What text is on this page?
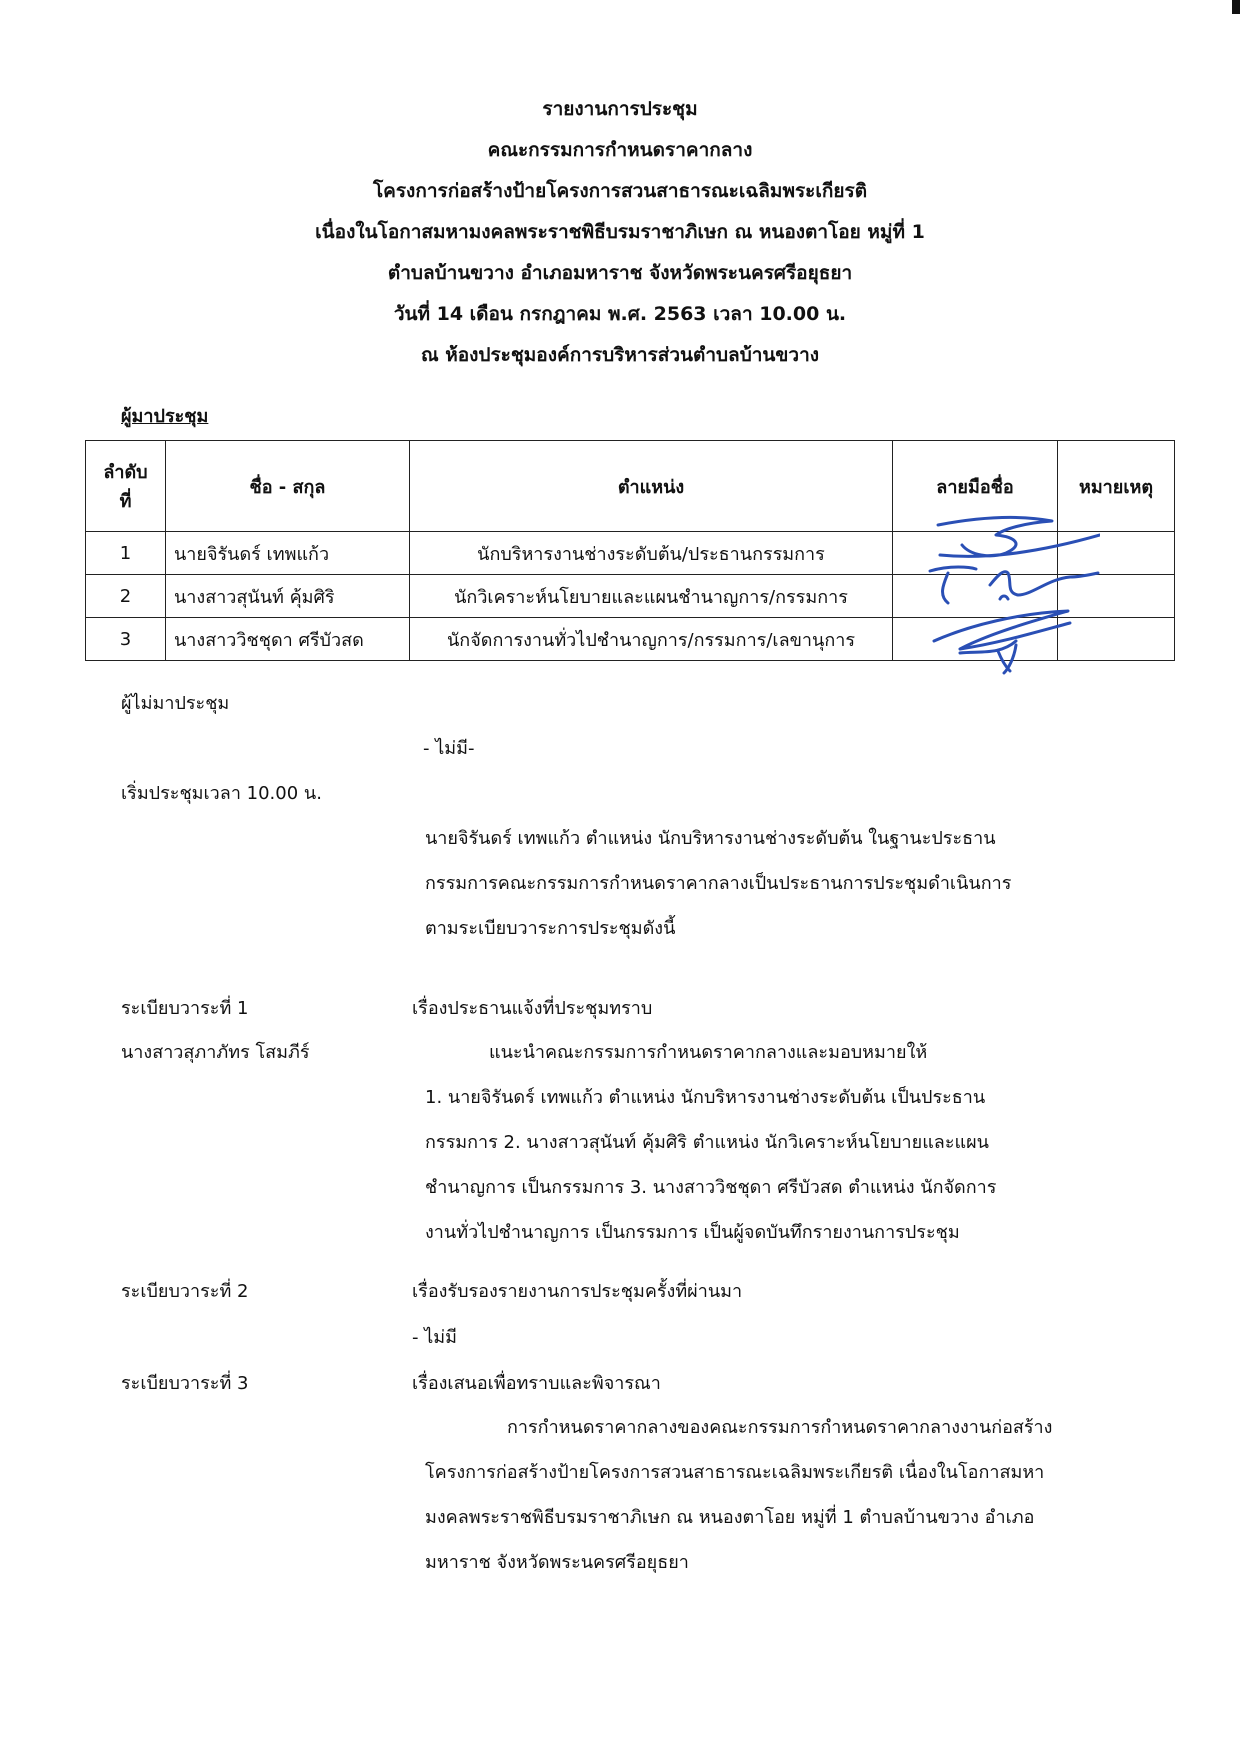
รายงานการประชุม
คณะกรรมการกำหนดราคากลาง
โครงการก่อสร้างป้ายโครงการสวนสาธารณะเฉลิมพระเกียรติ
เนื่องในโอกาสมหามงคลพระราชพิธีบรมราชาภิเษก ณ หนองตาโอย หมู่ที่ 1
ตำบลบ้านขวาง อำเภอมหาราช จังหวัดพระนครศรีอยุธยา
วันที่ 14 เดือน กรกฎาคม พ.ศ. 2563 เวลา 10.00 น.
ณ ห้องประชุมองค์การบริหารส่วนตำบลบ้านขวาง
ผู้มาประชุม
ลำดับ
ที่	ชื่อ - สกุล	ตำแหน่ง	ลายมือชื่อ	หมายเหตุ
1	นายจิรันดร์ เทพแก้ว	นักบริหารงานช่างระดับต้น/ประธานกรรมการ		
2	นางสาวสุนันท์ คุ้มศิริ	นักวิเคราะห์นโยบายและแผนชำนาญการ/กรรมการ		
3	นางสาววิชชุดา ศรีบัวสด	นักจัดการงานทั่วไปชำนาญการ/กรรมการ/เลขานุการ		
ผู้ไม่มาประชุม
- ไม่มี-
เริ่มประชุมเวลา 10.00 น.
นายจิรันดร์ เทพแก้ว ตำแหน่ง นักบริหารงานช่างระดับต้น ในฐานะประธาน
กรรมการคณะกรรมการกำหนดราคากลางเป็นประธานการประชุมดำเนินการ
ตามระเบียบวาระการประชุมดังนี้
ระเบียบวาระที่ 1	เรื่องประธานแจ้งที่ประชุมทราบ
นางสาวสุภาภัทร โสมภีร์	แนะนำคณะกรรมการกำหนดราคากลางและมอบหมายให้
1. นายจิรันดร์ เทพแก้ว ตำแหน่ง นักบริหารงานช่างระดับต้น เป็นประธาน
กรรมการ 2. นางสาวสุนันท์ คุ้มศิริ ตำแหน่ง นักวิเคราะห์นโยบายและแผน
ชำนาญการ เป็นกรรมการ 3. นางสาววิชชุดา ศรีบัวสด ตำแหน่ง นักจัดการ
งานทั่วไปชำนาญการ เป็นกรรมการ เป็นผู้จดบันทึกรายงานการประชุม
ระเบียบวาระที่ 2	เรื่องรับรองรายงานการประชุมครั้งที่ผ่านมา
- ไม่มี
ระเบียบวาระที่ 3	เรื่องเสนอเพื่อทราบและพิจารณา
การกำหนดราคากลางของคณะกรรมการกำหนดราคากลางงานก่อสร้าง
โครงการก่อสร้างป้ายโครงการสวนสาธารณะเฉลิมพระเกียรติ เนื่องในโอกาสมหา
มงคลพระราชพิธีบรมราชาภิเษก ณ หนองตาโอย หมู่ที่ 1 ตำบลบ้านขวาง อำเภอ
มหาราช จังหวัดพระนครศรีอยุธยา
